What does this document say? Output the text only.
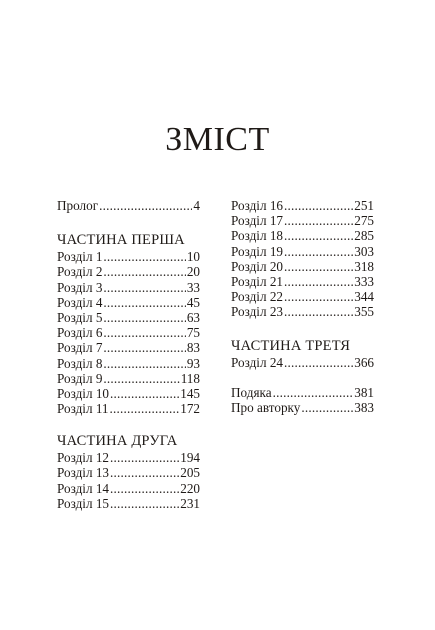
ЗМІСТ
Пролог .....	4
ЧАСТИНА ПЕРША
Розділ 1 .....	10
Розділ 2 .....	20
Розділ 3 .....	33
Розділ 4 .....	45
Розділ 5 .....	63
Розділ 6 .....	75
Розділ 7 .....	83
Розділ 8 .....	93
Розділ 9 .....	118
Розділ 10 .....	145
Розділ 11 .....	172
ЧАСТИНА ДРУГА
Розділ 12 .....	194
Розділ 13 .....	205
Розділ 14 .....	220
Розділ 15 .....	231
Розділ 16 .....	251
Розділ 17 .....	275
Розділ 18 .....	285
Розділ 19 .....	303
Розділ 20 .....	318
Розділ 21 .....	333
Розділ 22 .....	344
Розділ 23 .....	355
ЧАСТИНА ТРЕТЯ
Розділ 24 .....	366
Подяка .....	381
Про авторку .....	383
